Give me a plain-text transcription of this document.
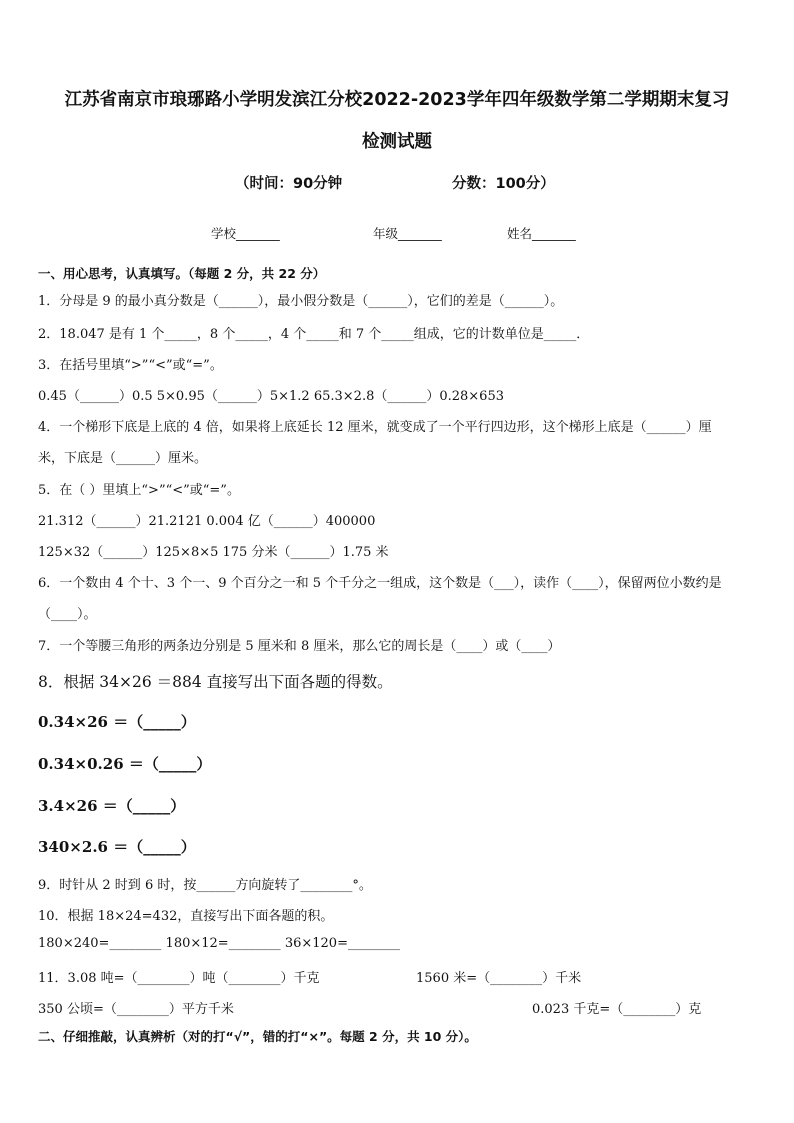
江苏省南京市琅琊路小学明发滨江分校2022-2023学年四年级数学第二学期期末复习
检测试题
（时间：90分钟	分数：100分）
学校_______	年级_______	姓名_______
一、用心思考，认真填写。（每题 2 分，共 22 分）
1．分母是 9 的最小真分数是（______），最小假分数是（______），它们的差是（______）。
2．18.047 是有 1 个_____，8 个_____，4 个_____和 7 个_____组成，它的计数单位是_____．
3．在括号里填“>”“<”或“=”。
0.45（______）0.5 5×0.95（______）5×1.2 65.3×2.8（______）0.28×653
4．一个梯形下底是上底的 4 倍，如果将上底延长 12 厘米，就变成了一个平行四边形，这个梯形上底是（______）厘
米，下底是（______）厘米。
5．在（ ）里填上“>”“<”或“=”。
21.312（______）21.2121 0.004 亿（______）400000
125×32（______）125×8×5 175 分米（______）1.75 米
6．一个数由 4 个十、3 个一、9 个百分之一和 5 个千分之一组成，这个数是（___），读作（____），保留两位小数约是
（____）。
7．一个等腰三角形的两条边分别是 5 厘米和 8 厘米，那么它的周长是（____）或（____）
8．根据 34×26 ＝884 直接写出下面各题的得数。
0.34×26 ＝（_____）
0.34×0.26 ＝（_____）
3.4×26 ＝（_____）
340×2.6 ＝（_____）
9．时针从 2 时到 6 时，按______方向旋转了________°。
10．根据 18×24=432，直接写出下面各题的积。
180×240=________ 180×12=________ 36×120=________
11．3.08 吨=（________）吨（________）千克	1560 米=（________）千米
350 公顷=（________）平方千米	0.023 千克=（________）克
二、仔细推敲，认真辨析（对的打“√”，错的打“×”。每题 2 分，共 10 分）。
